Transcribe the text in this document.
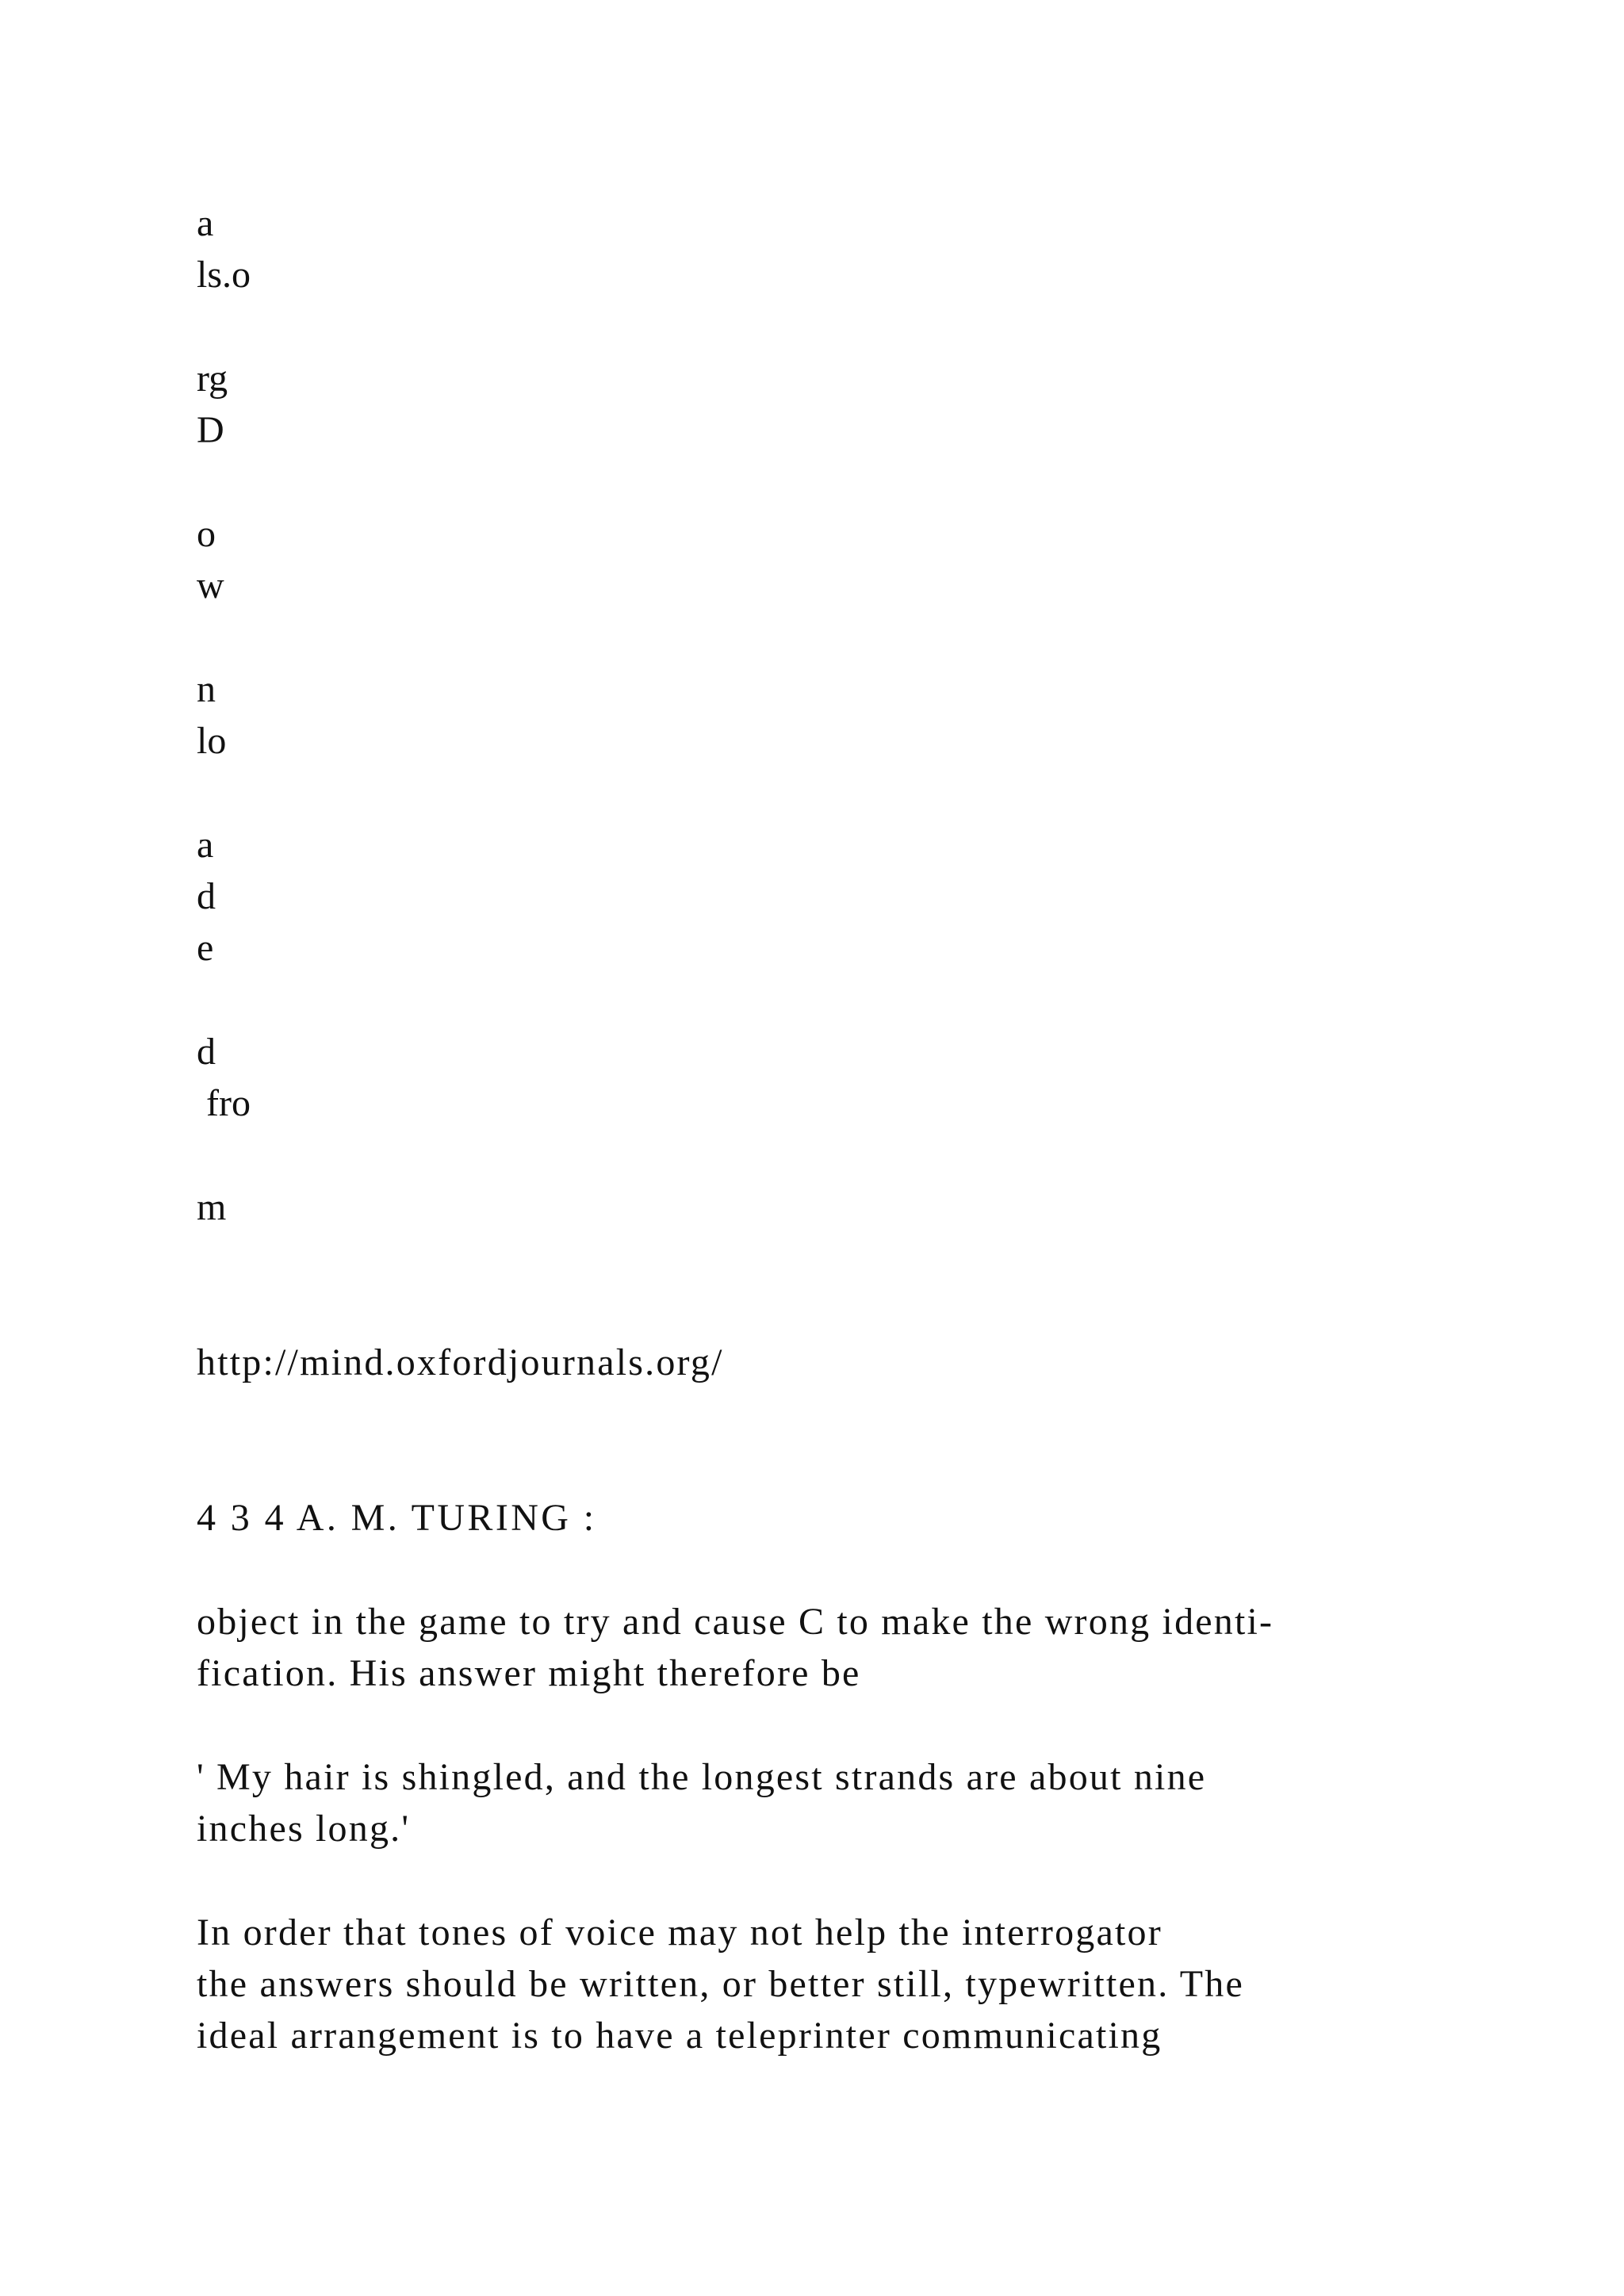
a

ls.o

rg

D

o

w

n

lo

a

d

e

d

fro

m

http://mind.oxfordjournals.org/

4 3 4 A. M. TURING :

object in the game to try and cause C to make the wrong identi-

fication. His answer might therefore be

' My hair is shingled, and the longest strands are about nine

inches long.'

In order that tones of voice may not help the interrogator

the answers should be written, or better still, typewritten. The

ideal arrangement is to have a teleprinter communicating
